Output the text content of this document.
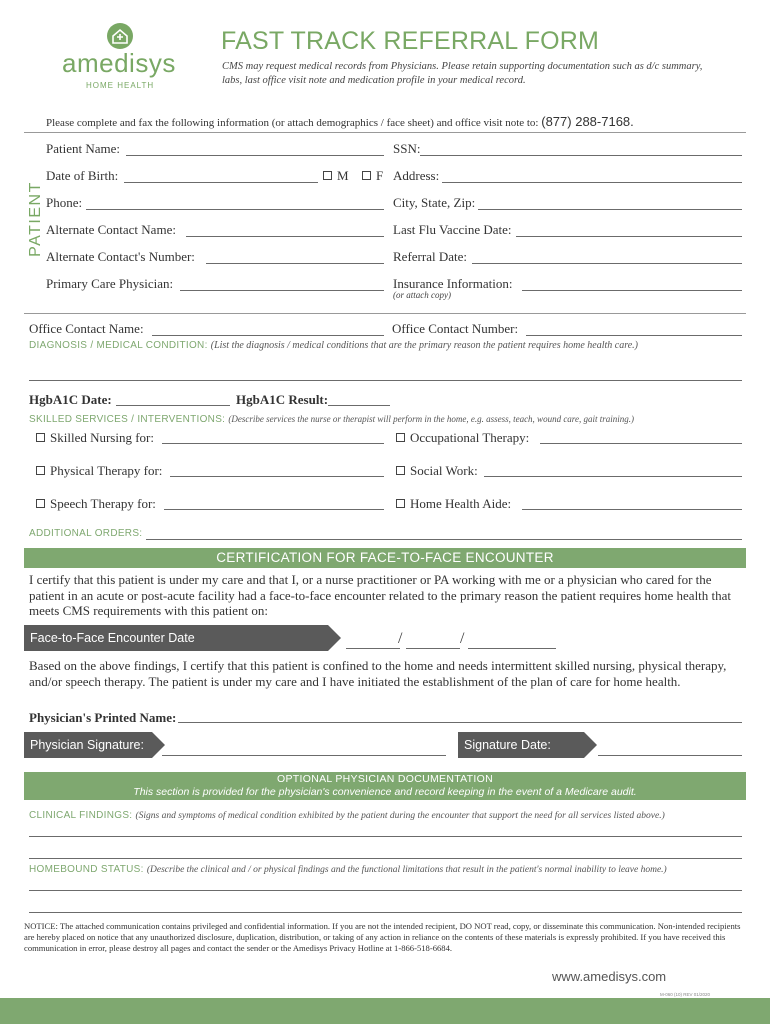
amedisys
HOME HEALTH
FAST TRACK REFERRAL FORM
CMS may request medical records from Physicians. Please retain supporting documentation such as d/c summary, labs, last office visit note and medication profile in your medical record.
Please complete and fax the following information (or attach demographics / face sheet) and office visit note to: (877) 288-7168.
PATIENT
Patient Name:	SSN:
Date of Birth:	M	F Address:
Phone:	City, State, Zip:
Alternate Contact Name:	Last Flu Vaccine Date:
Alternate Contact's Number:	Referral Date:
Primary Care Physician:	Insurance Information:
(or attach copy)
Office Contact Name:	Office Contact Number:
DIAGNOSIS / MEDICAL CONDITION: (List the diagnosis / medical conditions that are the primary reason the patient requires home health care.)
HgbA1C Date:	HgbA1C Result:
SKILLED SERVICES / INTERVENTIONS: (Describe services the nurse or therapist will perform in the home, e.g. assess, teach, wound care, gait training.)
Skilled Nursing for:	Occupational Therapy:
Physical Therapy for:	Social Work:
Speech Therapy for:	Home Health Aide:
ADDITIONAL ORDERS:
CERTIFICATION FOR FACE-TO-FACE ENCOUNTER
I certify that this patient is under my care and that I, or a nurse practitioner or PA working with me or a physician who cared for the patient in an acute or post-acute facility had a face-to-face encounter related to the primary reason the patient requires home health that meets CMS requirements with this patient on:
Face-to-Face Encounter Date	/	/
Based on the above findings, I certify that this patient is confined to the home and needs intermittent skilled nursing, physical therapy, and/or speech therapy. The patient is under my care and I have initiated the establishment of the plan of care for home health.
Physician's Printed Name:
Physician Signature:	Signature Date:
OPTIONAL PHYSICIAN DOCUMENTATION
This section is provided for the physician's convenience and record keeping in the event of a Medicare audit.
CLINICAL FINDINGS: (Signs and symptoms of medical condition exhibited by the patient during the encounter that support the need for all services listed above.)
HOMEBOUND STATUS: (Describe the clinical and / or physical findings and the functional limitations that result in the patient's normal inability to leave home.)
NOTICE: The attached communication contains privileged and confidential information. If you are not the intended recipient, DO NOT read, copy, or disseminate this communication. Non-intended recipients are hereby placed on notice that any unauthorized disclosure, duplication, distribution, or taking of any action in reliance on the contents of these materials is expressly prohibited. If you have received this communication in error, please destroy all pages and contact the sender or the Amedisys Privacy Hotline at 1-866-518-6684.
www.amedisys.com
M-060 (10) REV 01/2020
